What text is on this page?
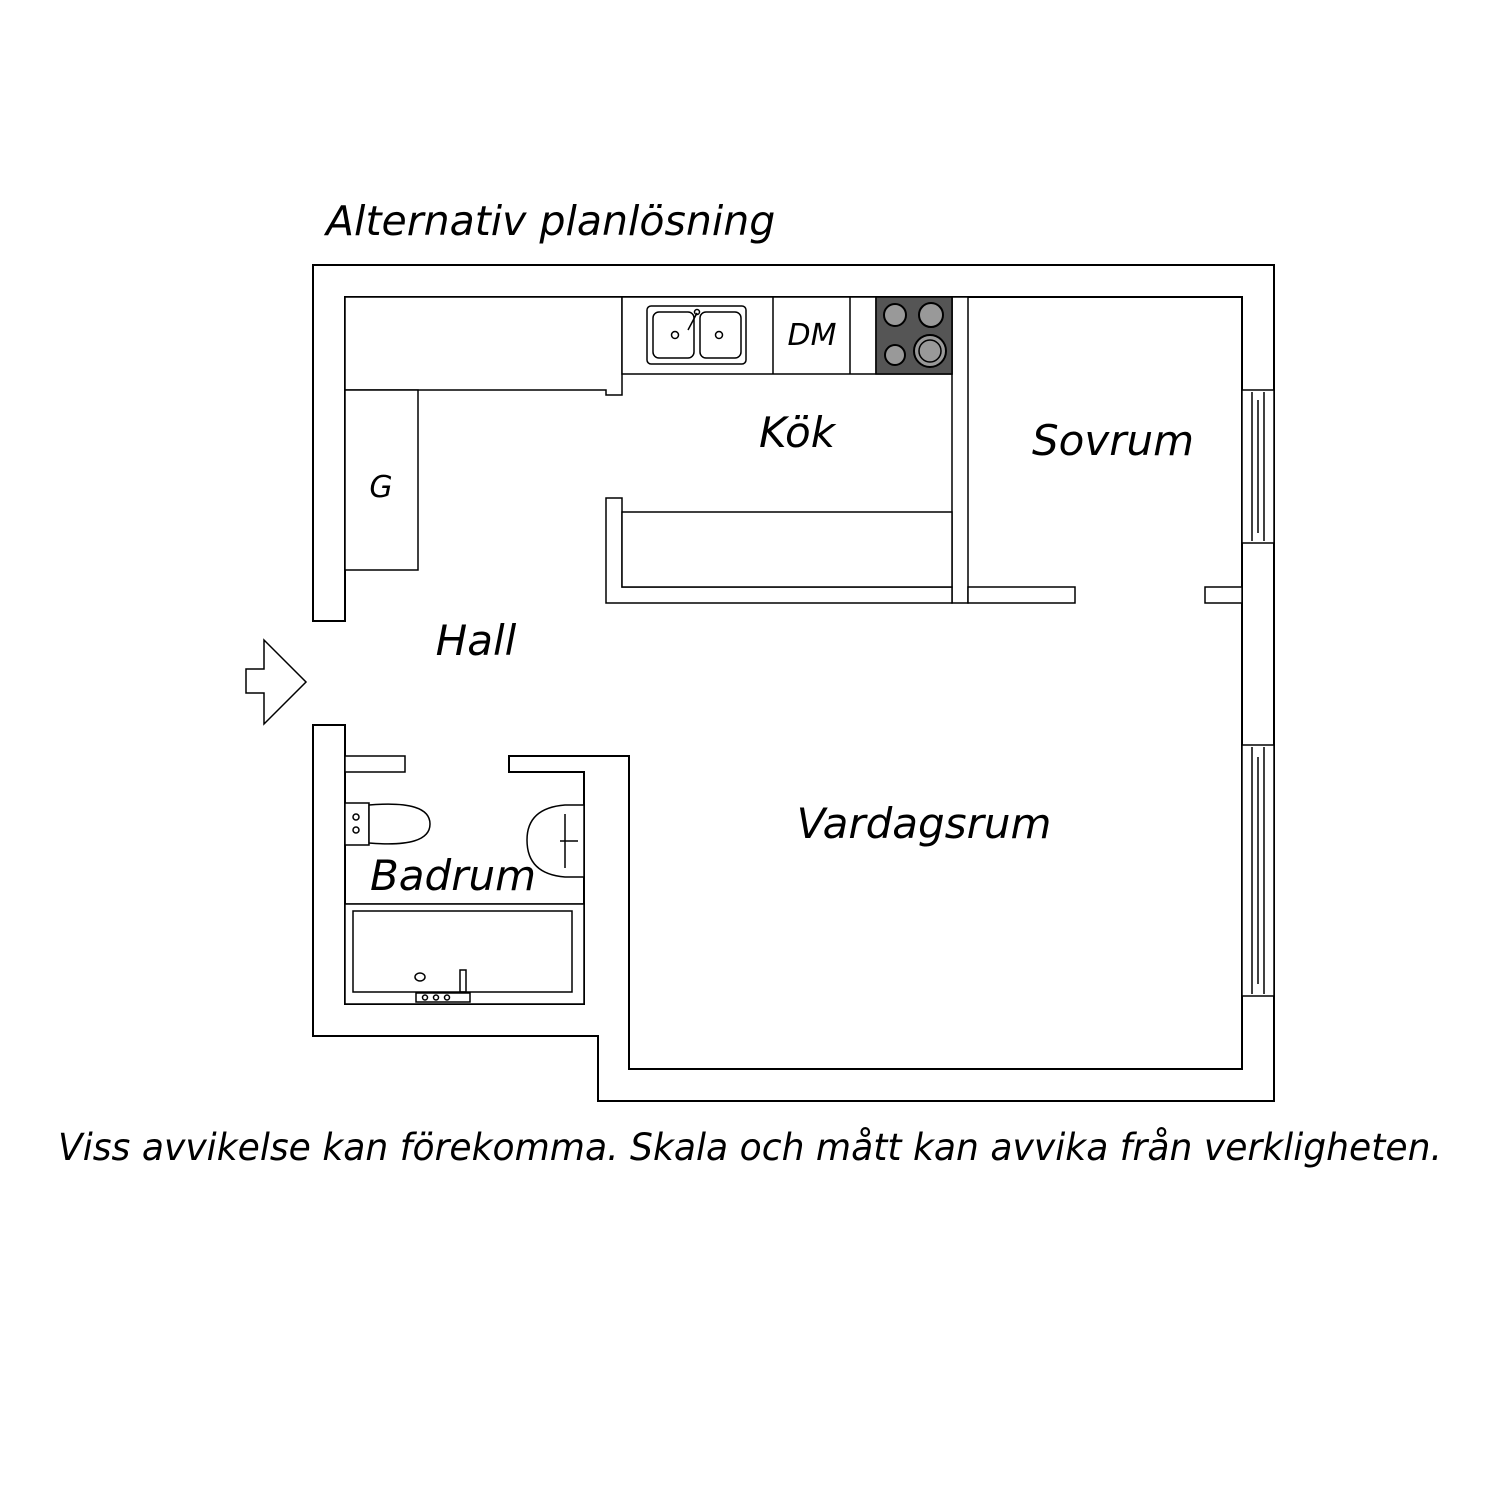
Alternativ planlösning
G
DM
Kök	Sovrum
Hall
Vardagsrum
Badrum
Viss avvikelse kan förekomma. Skala och mått kan avvika från verkligheten.
